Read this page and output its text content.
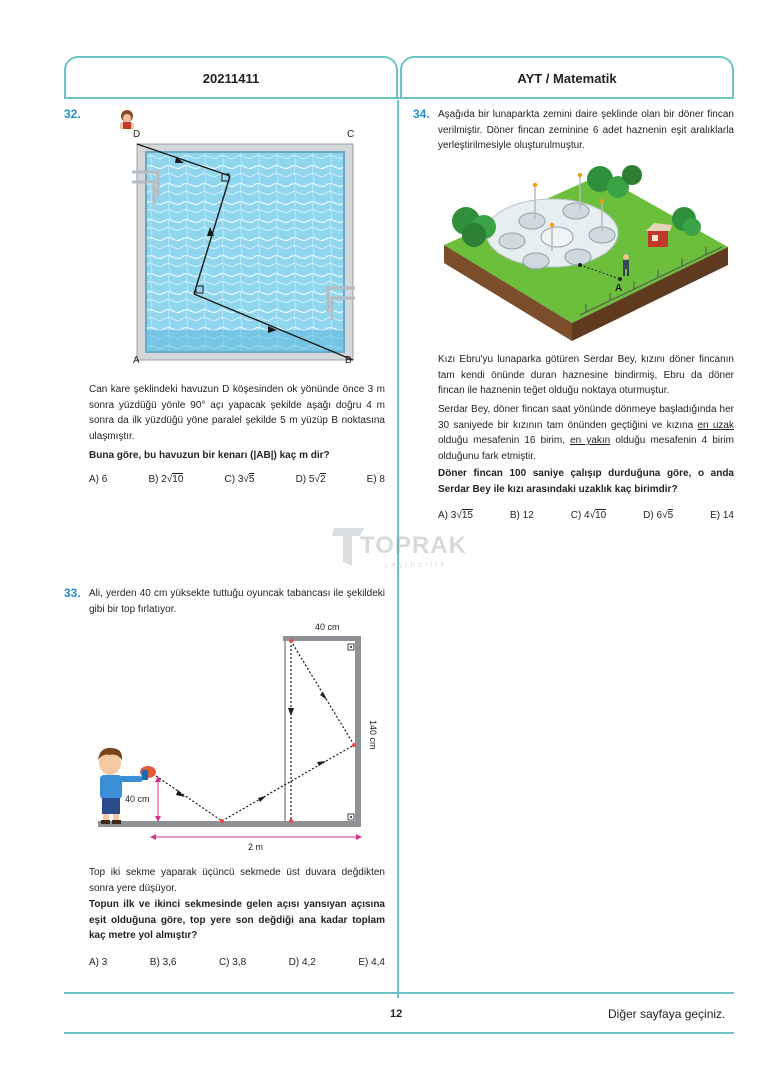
20211411	AYT / Matematik
32.
D	C
A	B
Can kare şeklindeki havuzun D köşesinden ok yönünde önce 3 m sonra yüzdüğü yönle 90° açı yapacak şekilde aşağı doğru 4 m sonra da ilk yüzdüğü yöne paralel şekilde 5 m yüzüp B noktasına ulaşmıştır.
Buna göre, bu havuzun bir kenarı (|AB|) kaç m dir?
A) 6	B) 2√10	C) 3√5	D) 5√2	E) 8
TOPRAK
yayıncılık
33. Ali, yerden 40 cm yüksekte tuttuğu oyuncak tabancası ile şekildeki gibi bir top fırlatıyor.
40 cm
140 cm
40 cm
2 m
Top iki sekme yaparak üçüncü sekmede üst duvara değdikten sonra yere düşüyor.
Topun ilk ve ikinci sekmesinde gelen açısı yansıyan açısına eşit olduğuna göre, top yere son değdiği ana kadar toplam kaç metre yol almıştır?
A) 3	B) 3,6	C) 3,8	D) 4,2	E) 4,4
34. Aşağıda bir lunaparkta zemini daire şeklinde olan bir döner fincan verilmiştir. Döner fincan zeminine 6 adet haznenin eşit aralıklarla yerleştirilmesiyle oluşturulmuştur.
A
Kızı Ebru'yu lunaparka götüren Serdar Bey, kızını döner fincanın tam kendi önünde duran haznesine bindirmiş, Ebru da döner fincan ile haznenin teğet olduğu noktaya oturmuştur.
Serdar Bey, döner fincan saat yönünde dönmeye başladığında her 30 saniyede bir kızının tam önünden geçtiğini ve kızına en uzak olduğu mesafenin 16 birim, en yakın olduğu mesafenin 4 birim olduğunu fark etmiştir.
Döner fincan 100 saniye çalışıp durduğuna göre, o anda Serdar Bey ile kızı arasındaki uzaklık kaç birimdir?
A) 3√15	B) 12	C) 4√10	D) 6√5	E) 14
12	Diğer sayfaya geçiniz.
